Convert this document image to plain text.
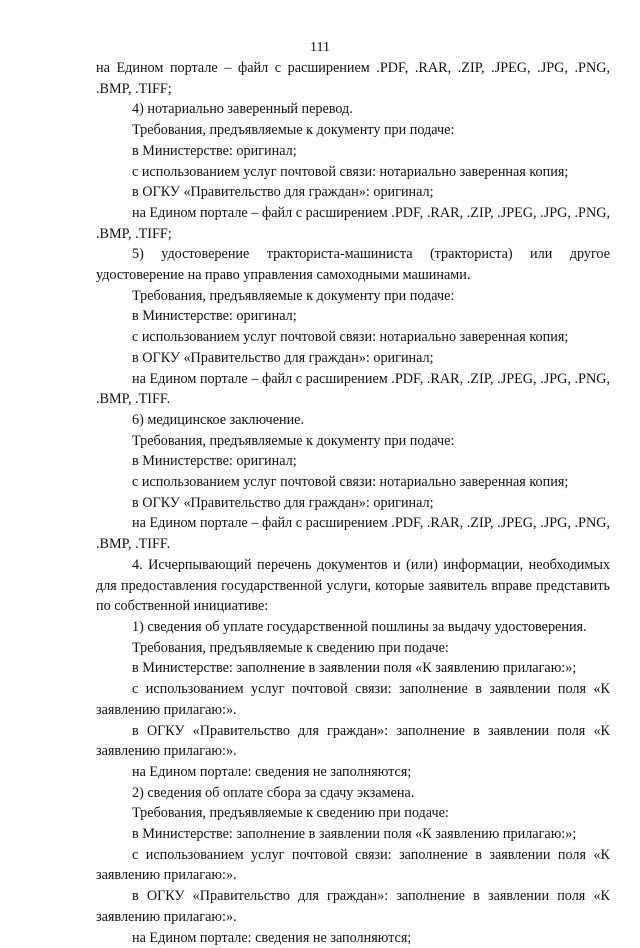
111

на Едином портале – файл с расширением .PDF, .RAR, .ZIP, .JPEG, .JPG, .PNG, .BMP, .TIFF;

4) нотариально заверенный перевод.

Требования, предъявляемые к документу при подаче:

в Министерстве: оригинал;

с использованием услуг почтовой связи: нотариально заверенная копия;

в ОГКУ «Правительство для граждан»: оригинал;

на Едином портале – файл с расширением .PDF, .RAR, .ZIP, .JPEG, .JPG, .PNG, .BMP, .TIFF;

5) удостоверение тракториста-машиниста (тракториста) или другое удостоверение на право управления самоходными машинами.

Требования, предъявляемые к документу при подаче:

в Министерстве: оригинал;

с использованием услуг почтовой связи: нотариально заверенная копия;

в ОГКУ «Правительство для граждан»: оригинал;

на Едином портале – файл с расширением .PDF, .RAR, .ZIP, .JPEG, .JPG, .PNG, .BMP, .TIFF.

6) медицинское заключение.

Требования, предъявляемые к документу при подаче:

в Министерстве: оригинал;

с использованием услуг почтовой связи: нотариально заверенная копия;

в ОГКУ «Правительство для граждан»: оригинал;

на Едином портале – файл с расширением .PDF, .RAR, .ZIP, .JPEG, .JPG, .PNG, .BMP, .TIFF.

4. Исчерпывающий перечень документов и (или) информации, необходимых для предоставления государственной услуги, которые заявитель вправе представить по собственной инициативе:

1) сведения об уплате государственной пошлины за выдачу удостоверения.

Требования, предъявляемые к сведению при подаче:

в Министерстве: заполнение в заявлении поля «К заявлению прилагаю:»;

с использованием услуг почтовой связи: заполнение в заявлении поля «К заявлению прилагаю:».

в ОГКУ «Правительство для граждан»: заполнение в заявлении поля «К заявлению прилагаю:».

на Едином портале: сведения не заполняются;

2) сведения об оплате сбора за сдачу экзамена.

Требования, предъявляемые к сведению при подаче:

в Министерстве: заполнение в заявлении поля «К заявлению прилагаю:»;

с использованием услуг почтовой связи: заполнение в заявлении поля «К заявлению прилагаю:».

в ОГКУ «Правительство для граждан»: заполнение в заявлении поля «К заявлению прилагаю:».

на Едином портале: сведения не заполняются;
